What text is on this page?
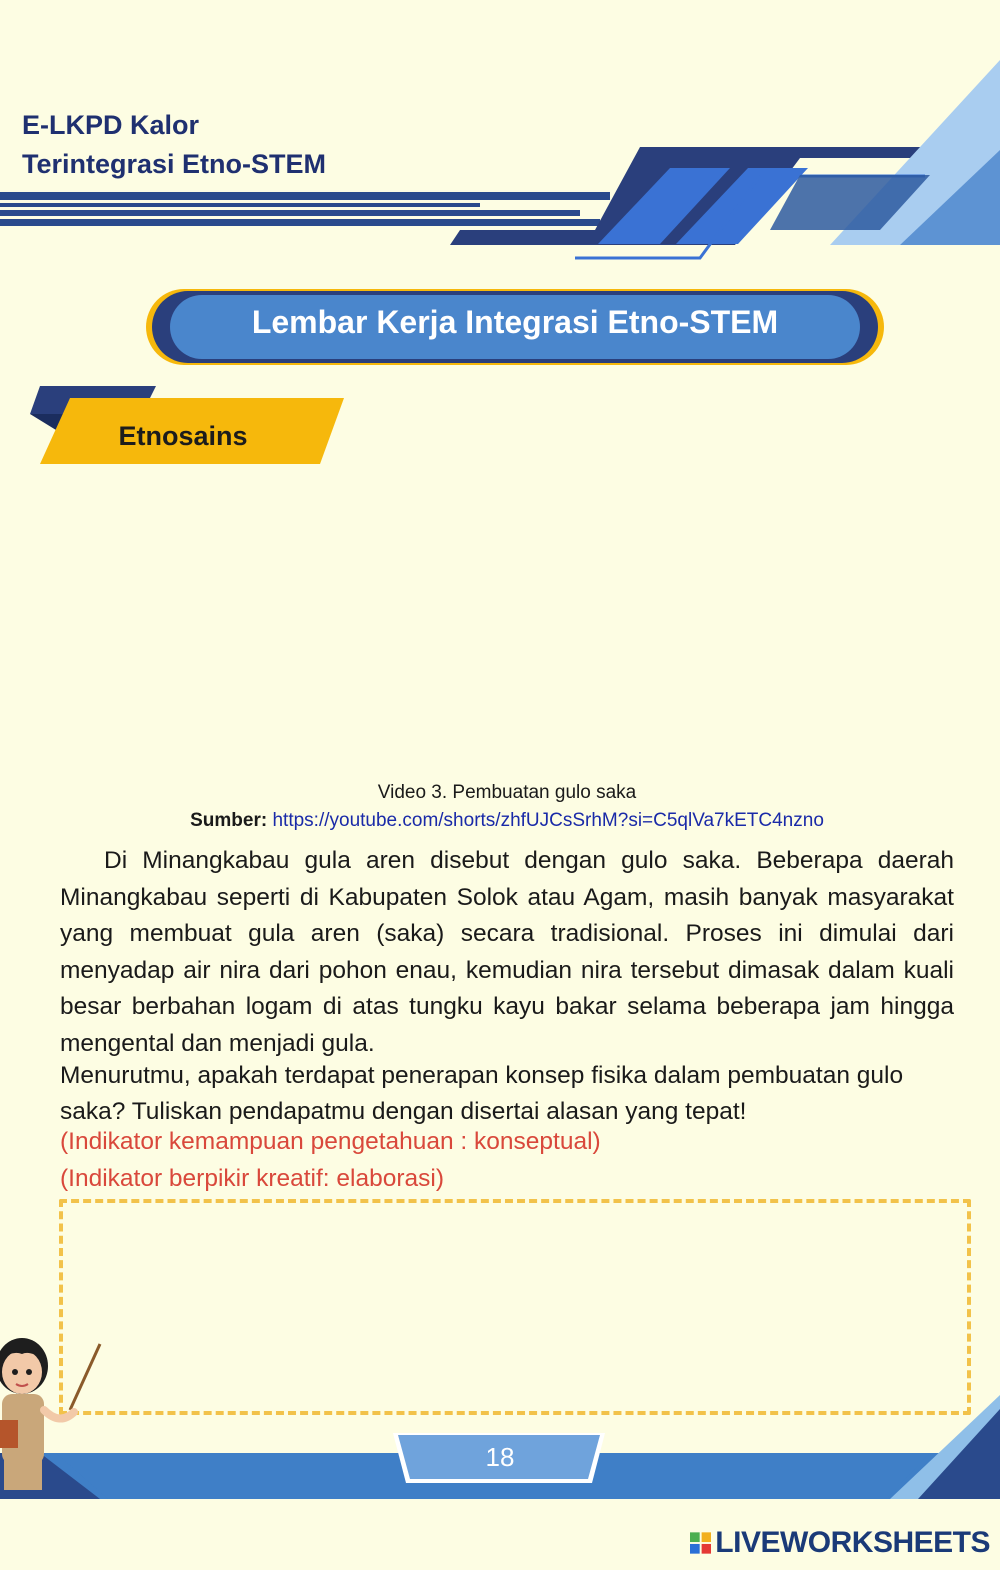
E-LKPD Kalor
Terintegrasi Etno-STEM
Lembar Kerja Integrasi Etno-STEM
Etnosains
Video 3. Pembuatan gulo saka
Sumber: https://youtube.com/shorts/zhfUJCsSrhM?si=C5qlVa7kETC4nzno
Di Minangkabau gula aren disebut dengan gulo saka. Beberapa daerah Minangkabau seperti di Kabupaten Solok atau Agam, masih banyak masyarakat yang membuat gula aren (saka) secara tradisional. Proses ini dimulai dari menyadap air nira dari pohon enau, kemudian nira tersebut dimasak dalam kuali besar berbahan logam di atas tungku kayu bakar selama beberapa jam hingga mengental dan menjadi gula.
Menurutmu, apakah terdapat penerapan konsep fisika dalam pembuatan gulo saka? Tuliskan pendapatmu dengan disertai alasan yang tepat!
(Indikator kemampuan pengetahuan : konseptual)
(Indikator berpikir kreatif: elaborasi)
18
LIVEWORKSHEETS
